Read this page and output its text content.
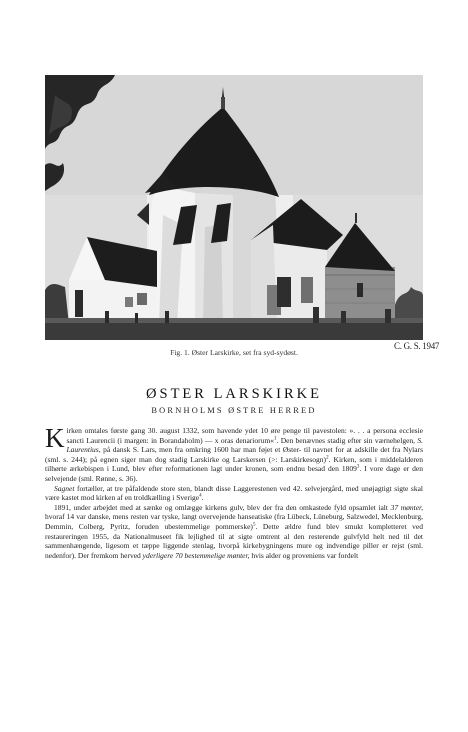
C. G. S. 1947
Fig. 1. Øster Larskirke, set fra syd-sydøst.
ØSTER LARSKIRKE
BORNHOLMS ØSTRE HERRED

Kirken omtales første gang 30. august 1332, som havende ydet 10 øre penge til pavestolen: ». . . a persona ecclesie sancti Laurencii (i margen: in Borandaholm) — x oras denariorum«$^1$. Den benævnes stadig efter sin værnehelgen, S. Laurentius, på dansk S. Lars, men fra omkring 1600 har man føjet et Øster- til navnet for at adskille det fra Nylars (sml. s. 244); på egnen siger man dog stadig Larskirke og Larskersen (>: Larskirkesogn)$^2$. Kirken, som i middelalderen tilhørte ærkebispen i Lund, blev efter reformationen lagt under kronen, som endnu besad den 1809$^3$. I vore dage er den selvejende (sml. Rønne, s. 36).

Sagnet fortæller, at tre påfaldende store sten, blandt disse Laggerestenen ved 42. selvejergård, med unøjagtigt sigte skal være kastet mod kirken af en troldkælling i Sverige$^4$.

1891, under arbejdet med at sænke og omlægge kirkens gulv, blev der fra den omkastede fyld opsamlet ialt 37 mønter, hvoraf 14 var danske, mens resten var tyske, langt overvejende hanseatiske (fra Lübeck, Lüneburg, Salzwedel, Mecklenburg, Demmin, Colberg, Pyritz, foruden ubestemmelige pommerske)$^5$. Dette ældre fund blev smukt kompletteret ved restaureringen 1955, da Nationalmuseet fik lejlighed til at sigte omtrent al den resterende gulvfyld helt ned til det sammenhængende, ligesom et tæppe liggende stenlag, hvorpå kirkebygningens mure og indvendige piller er rejst (sml. nedenfor). Der fremkom herved yderligere 70 bestemmelige mønter, hvis alder og proveniens var fordelt
